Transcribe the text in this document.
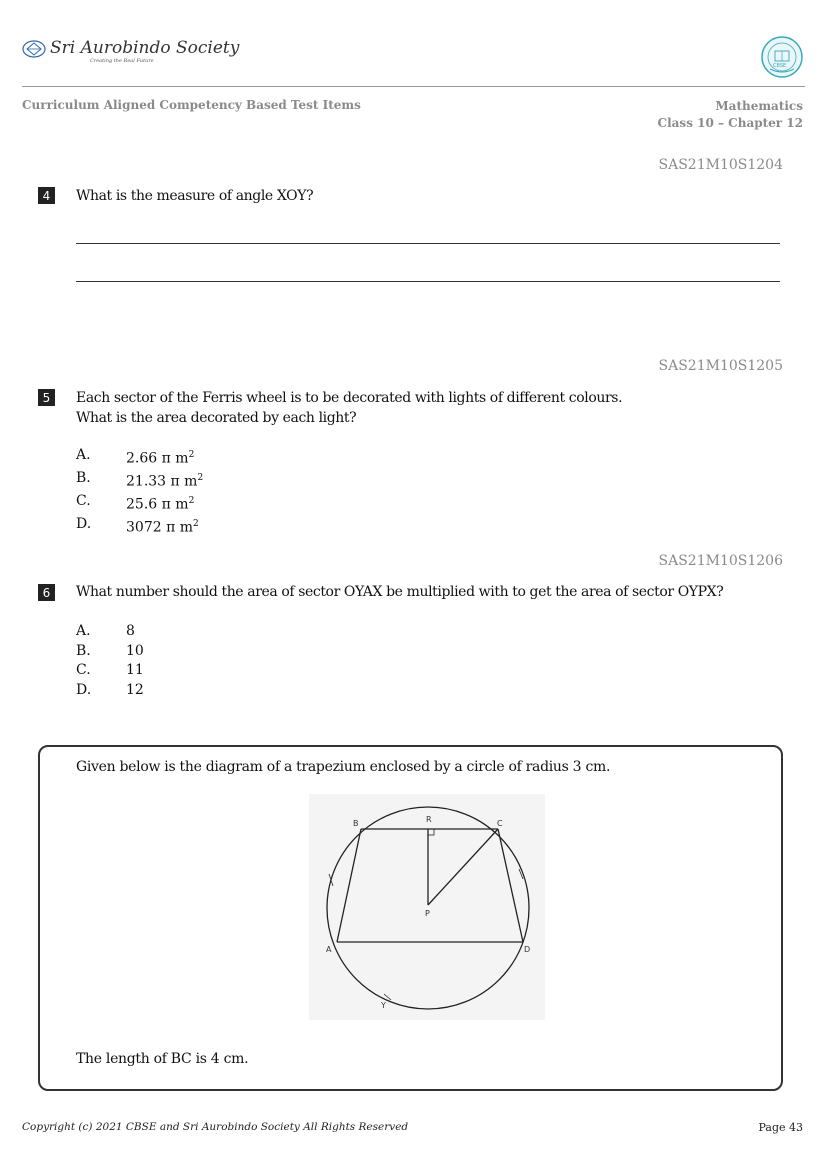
Sri Aurobindo Society
Creating the Real Future
CBSE
Curriculum Aligned Competency Based Test Items	Mathematics
Class 10 – Chapter 12
SAS21M10S1204
4	What is the measure of angle XOY?
SAS21M10S1205
5	Each sector of the Ferris wheel is to be decorated with lights of different colours.
What is the area decorated by each light?
A.	2.66 π $m^2$
B.	21.33 π $m^2$
C.	25.6 π $m^2$
D.	3072 π $m^2$
SAS21M10S1206
6	What number should the area of sector OYAX be multiplied with to get the area of sector OYPX?
A.	8
B.	10
C.	11
D.	12
Given below is the diagram of a trapezium enclosed by a circle of radius 3 cm.
B	R	C
P
A	D
Y
The length of BC is 4 cm.
Copyright (c) 2021 CBSE and Sri Aurobindo Society All Rights Reserved	Page 43
